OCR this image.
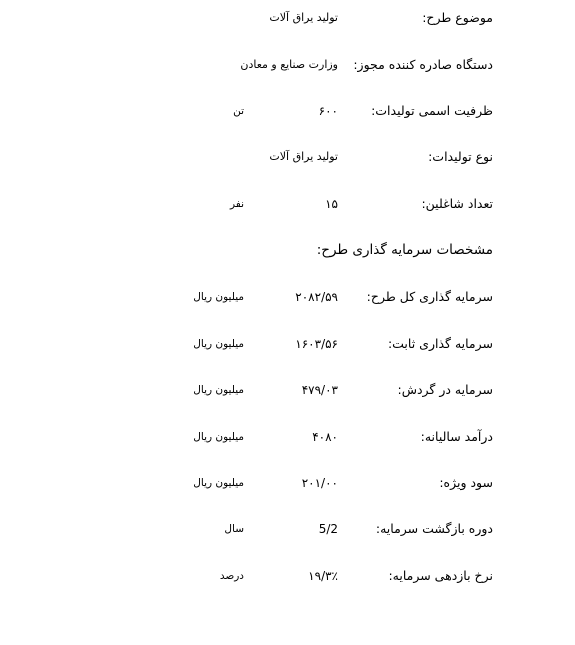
موضوع طرح:
تولید یراق آلات
دستگاه صادره کننده مجوز:
وزارت صنایع و معادن
ظرفیت اسمی تولیدات:
۶۰۰
تن
نوع تولیدات:
تولید یراق آلات
تعداد شاغلین:
۱۵
نفر
مشخصات سرمایه گذاری طرح:
سرمایه گذاری کل طرح:
۲۰۸۲/۵۹
میلیون ریال
سرمایه گذاری ثابت:
۱۶۰۳/۵۶
میلیون ریال
سرمایه در گردش:
۴۷۹/۰۳
میلیون ریال
درآمد سالیانه:
۴۰۸۰
میلیون ریال
سود ویژه:
۲۰۱/۰۰
میلیون ریال
دوره بازگشت سرمایه:
5/2
سال
نرخ بازدهی سرمایه:
۱۹/۳٪
درصد
